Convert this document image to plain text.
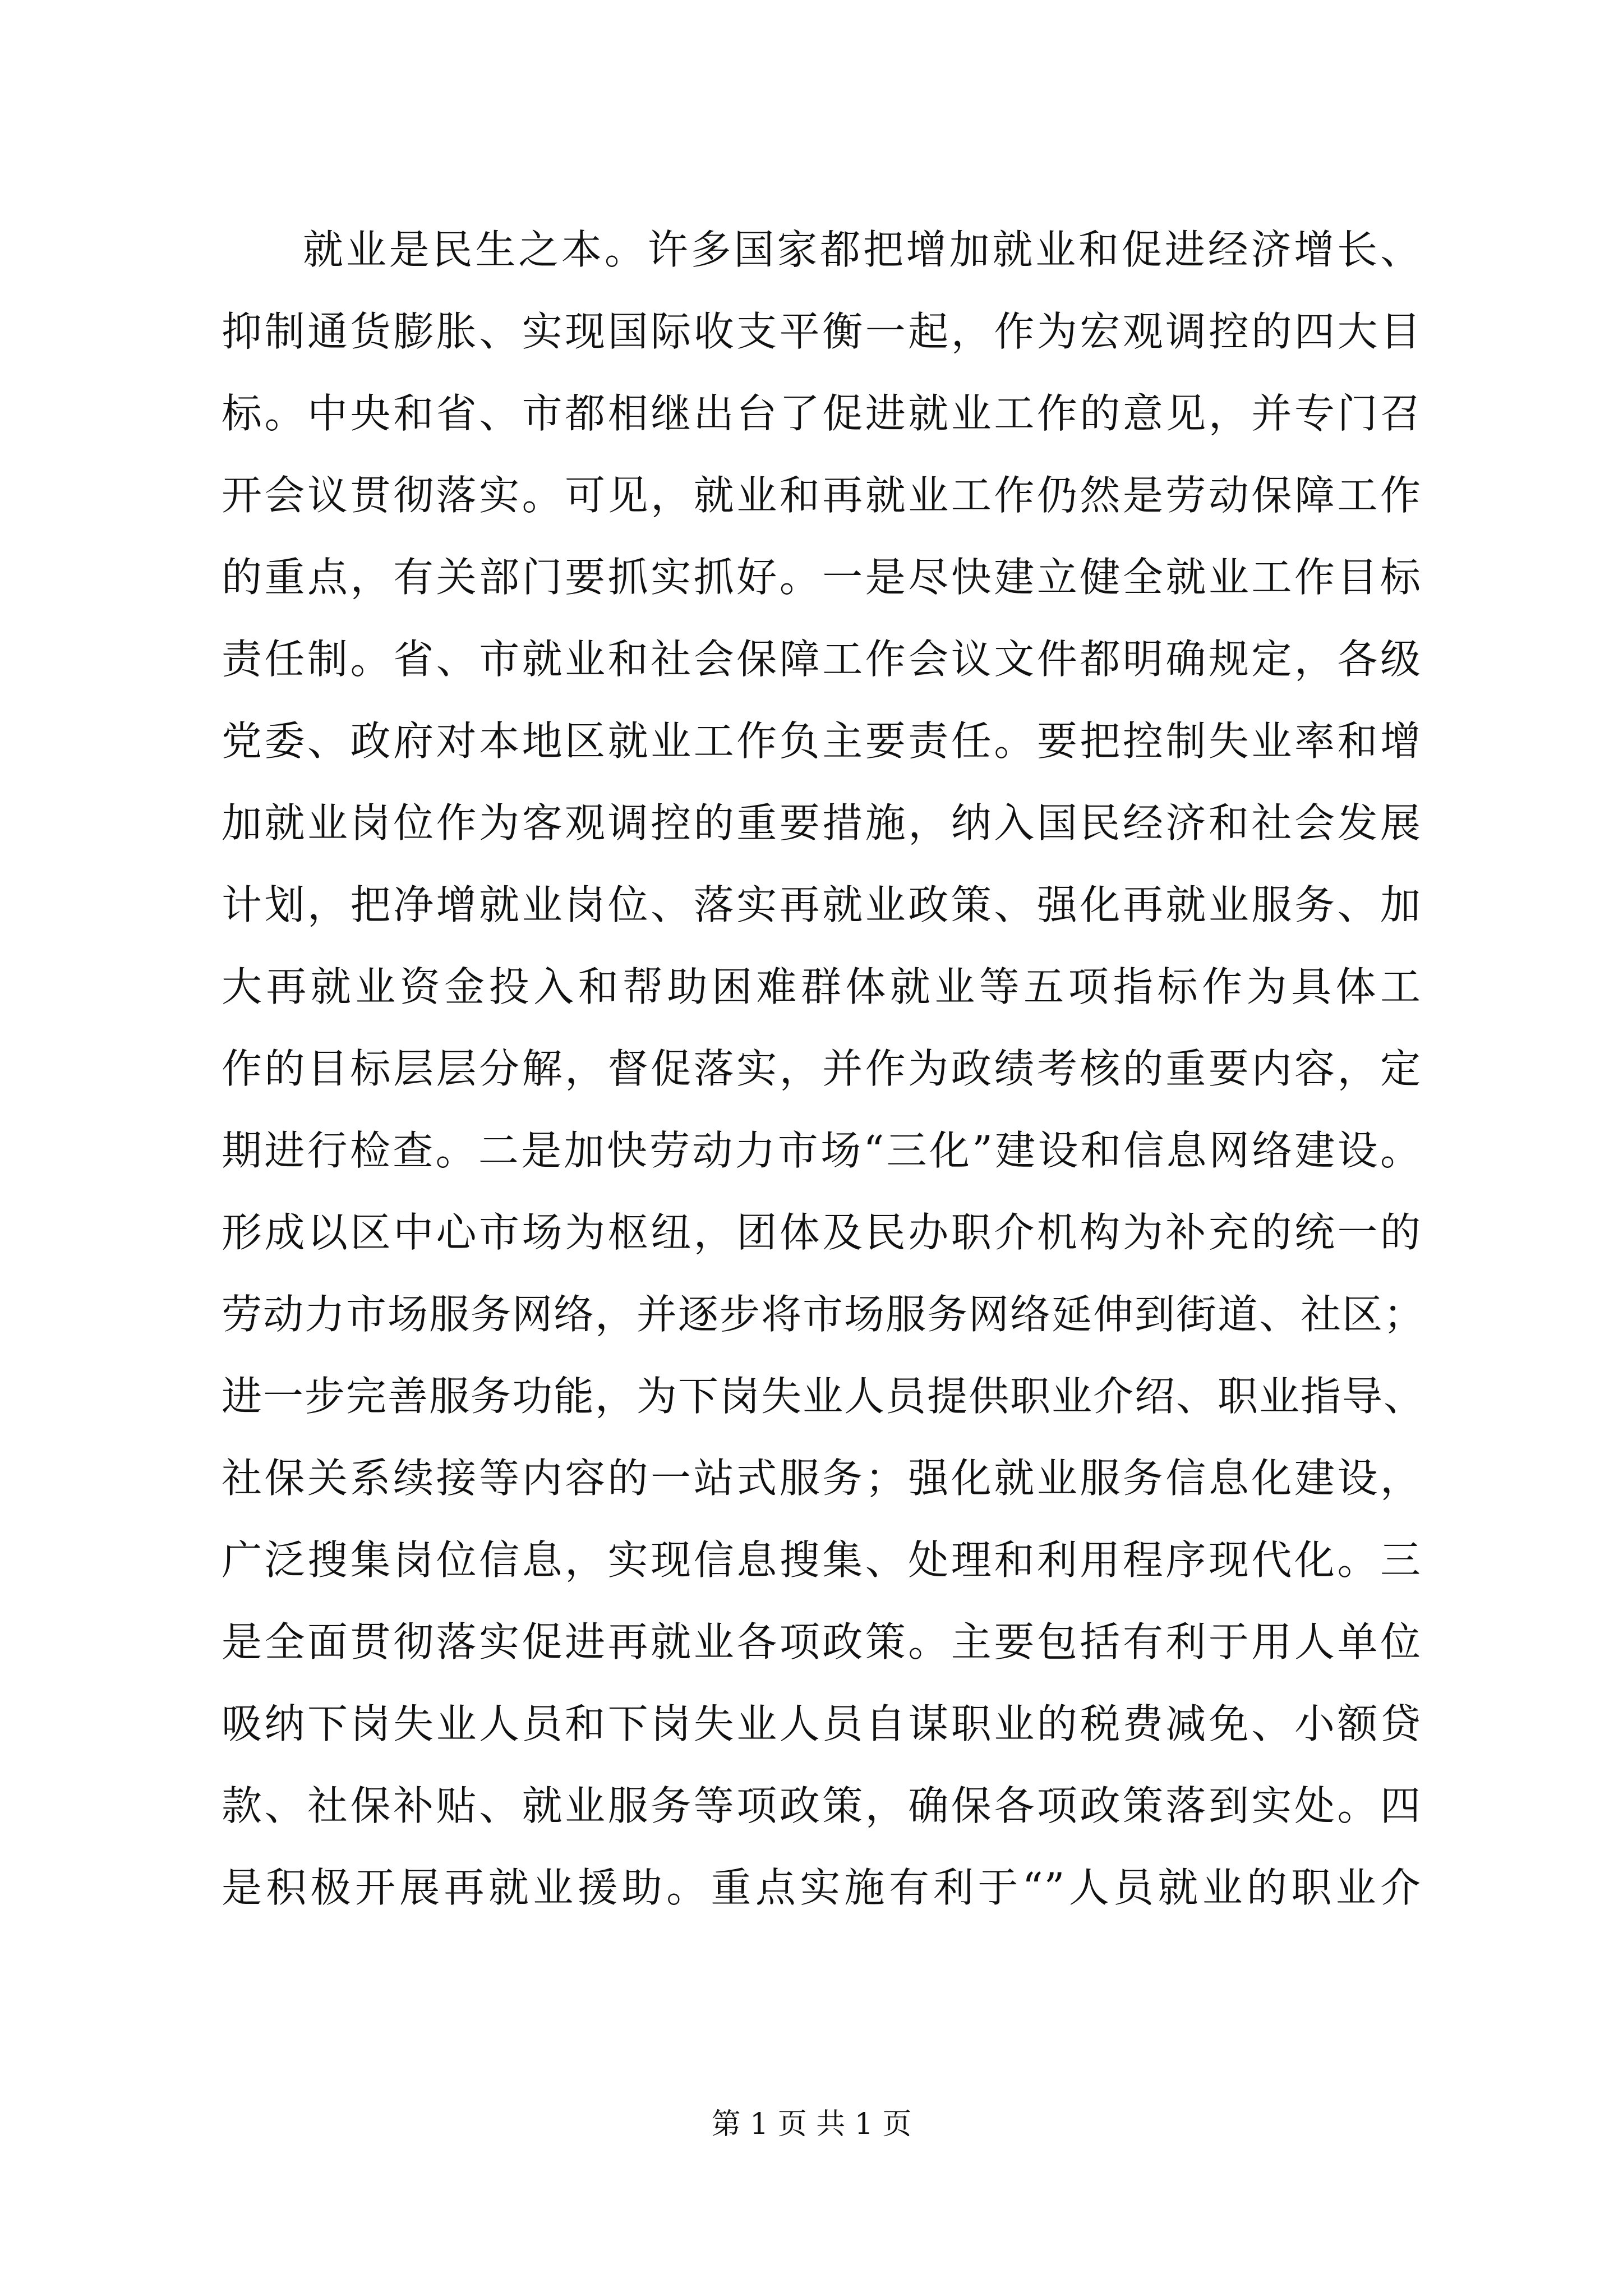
就业是民生之本。许多国家都把增加就业和促进经济增长、
抑制通货膨胀、实现国际收支平衡一起，作为宏观调控的四大目
标。中央和省、市都相继出台了促进就业工作的意见，并专门召
开会议贯彻落实。可见，就业和再就业工作仍然是劳动保障工作
的重点，有关部门要抓实抓好。一是尽快建立健全就业工作目标
责任制。省、市就业和社会保障工作会议文件都明确规定，各级
党委、政府对本地区就业工作负主要责任。要把控制失业率和增
加就业岗位作为客观调控的重要措施，纳入国民经济和社会发展
计划，把净增就业岗位、落实再就业政策、强化再就业服务、加
大再就业资金投入和帮助困难群体就业等五项指标作为具体工
作的目标层层分解，督促落实，并作为政绩考核的重要内容，定
期进行检查。二是加快劳动力市场“三化”建设和信息网络建设。
形成以区中心市场为枢纽，团体及民办职介机构为补充的统一的
劳动力市场服务网络，并逐步将市场服务网络延伸到街道、社区；
进一步完善服务功能，为下岗失业人员提供职业介绍、职业指导、
社保关系续接等内容的一站式服务；强化就业服务信息化建设，
广泛搜集岗位信息，实现信息搜集、处理和利用程序现代化。三
是全面贯彻落实促进再就业各项政策。主要包括有利于用人单位
吸纳下岗失业人员和下岗失业人员自谋职业的税费减免、小额贷
款、社保补贴、就业服务等项政策，确保各项政策落到实处。四
是积极开展再就业援助。重点实施有利于“”人员就业的职业介
第 1 页 共 1 页
